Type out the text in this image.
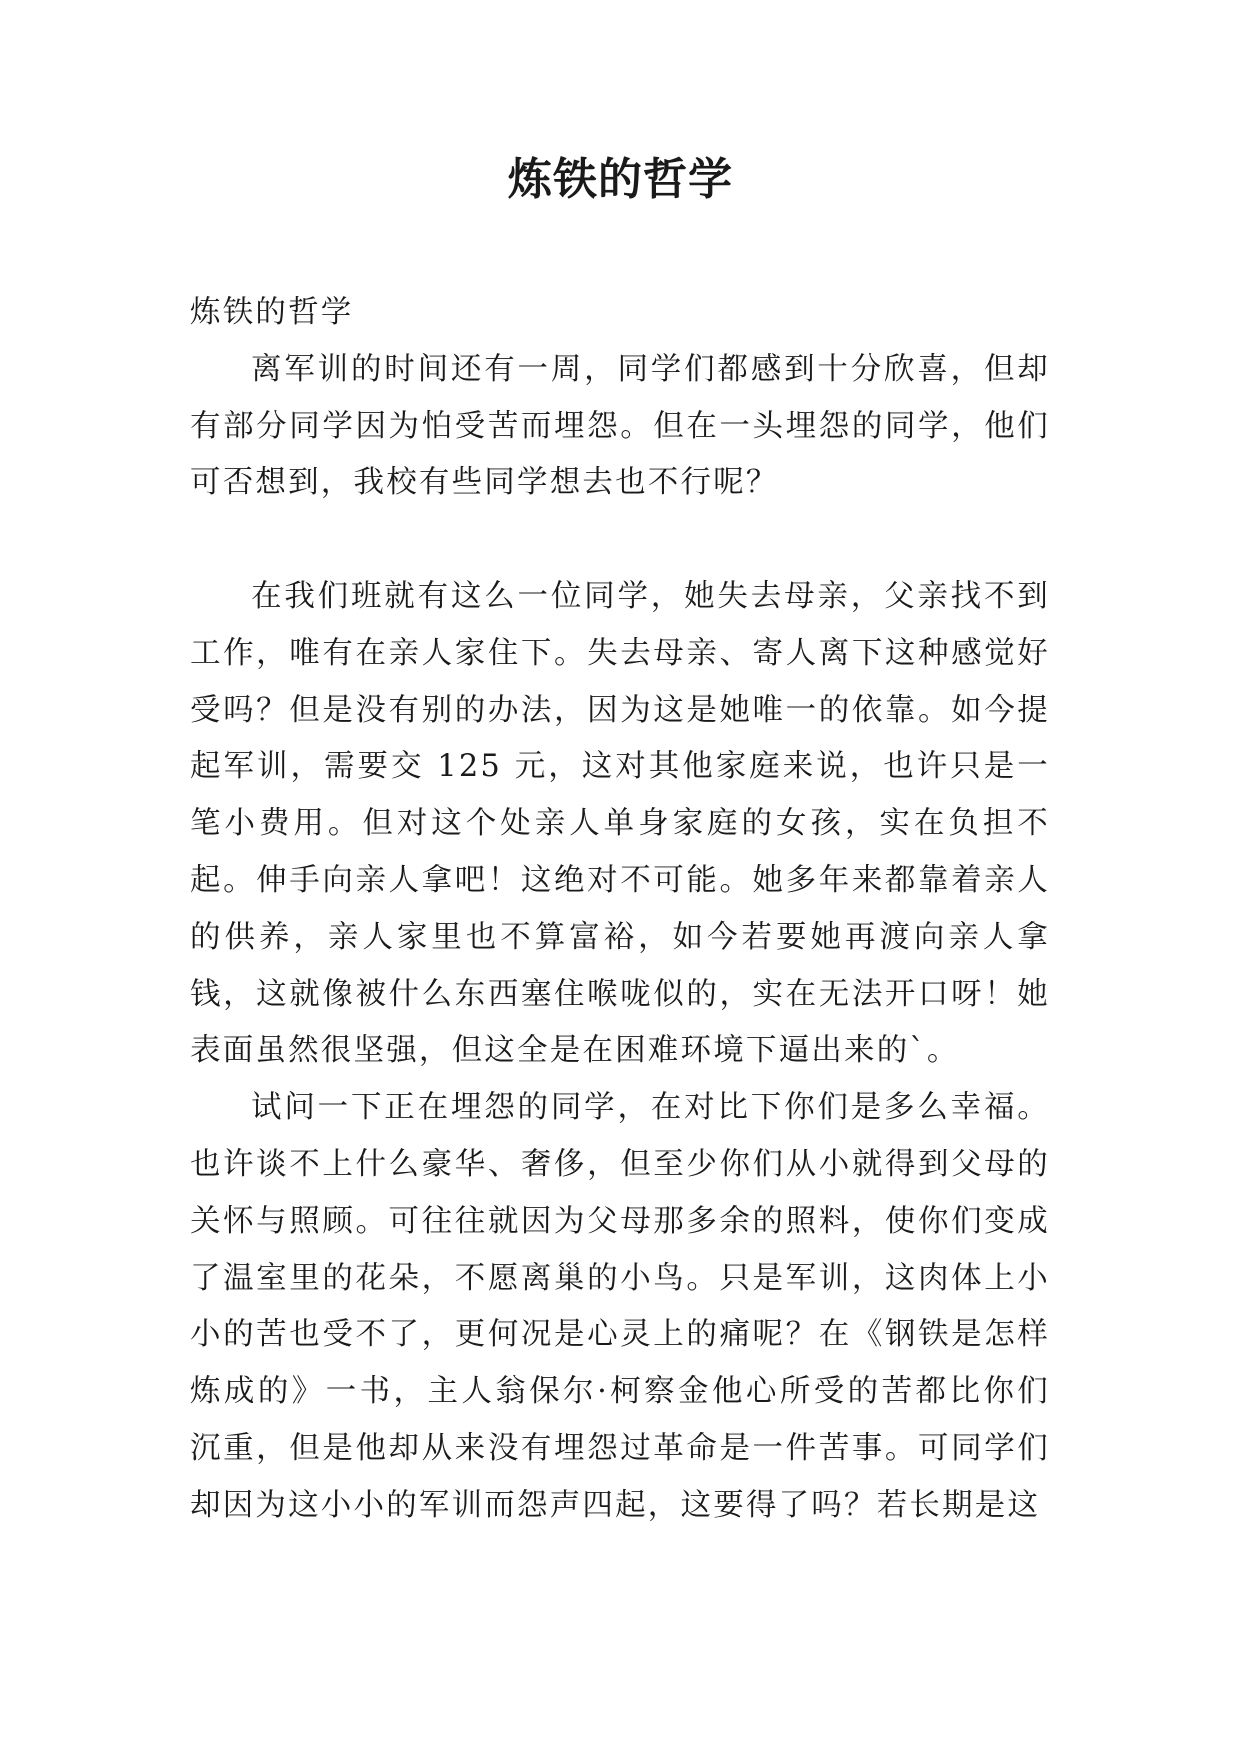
炼铁的哲学

炼铁的哲学

离军训的时间还有一周，同学们都感到十分欣喜，但却有部分同学因为怕受苦而埋怨。但在一头埋怨的同学，他们可否想到，我校有些同学想去也不行呢？

在我们班就有这么一位同学，她失去母亲，父亲找不到工作，唯有在亲人家住下。失去母亲、寄人离下这种感觉好受吗？但是没有别的办法，因为这是她唯一的依靠。如今提起军训，需要交 125 元，这对其他家庭来说，也许只是一笔小费用。但对这个处亲人单身家庭的女孩，实在负担不起。伸手向亲人拿吧！这绝对不可能。她多年来都靠着亲人的供养，亲人家里也不算富裕，如今若要她再渡向亲人拿钱，这就像被什么东西塞住喉咙似的，实在无法开口呀！她表面虽然很坚强，但这全是在困难环境下逼出来的`。

试问一下正在埋怨的同学，在对比下你们是多么幸福。也许谈不上什么豪华、奢侈，但至少你们从小就得到父母的关怀与照顾。可往往就因为父母那多余的照料，使你们变成了温室里的花朵，不愿离巢的小鸟。只是军训，这肉体上小小的苦也受不了，更何况是心灵上的痛呢？在《钢铁是怎样炼成的》一书，主人翁保尔·柯察金他心所受的苦都比你们沉重，但是他却从来没有埋怨过革命是一件苦事。可同学们却因为这小小的军训而怨声四起，这要得了吗？若长期是这
